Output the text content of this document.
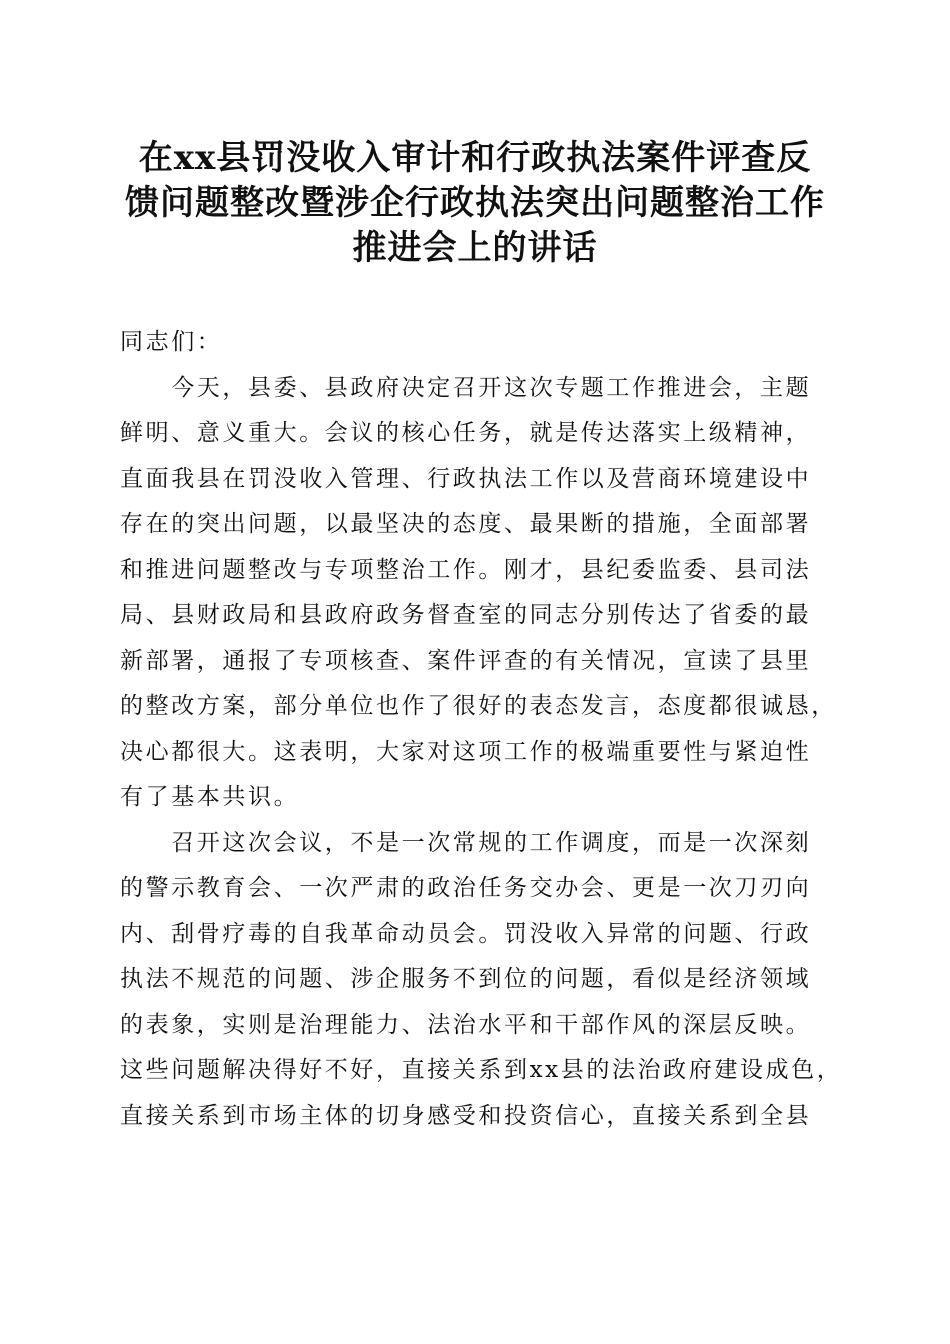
在xx县罚没收入审计和行政执法案件评查反
馈问题整改暨涉企行政执法突出问题整治工作
推进会上的讲话
同志们：
　　今天，县委、县政府决定召开这次专题工作推进会，主题
鲜明、意义重大。会议的核心任务，就是传达落实上级精神，
直面我县在罚没收入管理、行政执法工作以及营商环境建设中
存在的突出问题，以最坚决的态度、最果断的措施，全面部署
和推进问题整改与专项整治工作。刚才，县纪委监委、县司法
局、县财政局和县政府政务督查室的同志分别传达了省委的最
新部署，通报了专项核查、案件评查的有关情况，宣读了县里
的整改方案，部分单位也作了很好的表态发言，态度都很诚恳，
决心都很大。这表明，大家对这项工作的极端重要性与紧迫性
有了基本共识。
　　召开这次会议，不是一次常规的工作调度，而是一次深刻
的警示教育会、一次严肃的政治任务交办会、更是一次刀刃向
内、刮骨疗毒的自我革命动员会。罚没收入异常的问题、行政
执法不规范的问题、涉企服务不到位的问题，看似是经济领域
的表象，实则是治理能力、法治水平和干部作风的深层反映。
这些问题解决得好不好，直接关系到xx县的法治政府建设成色，
直接关系到市场主体的切身感受和投资信心，直接关系到全县
